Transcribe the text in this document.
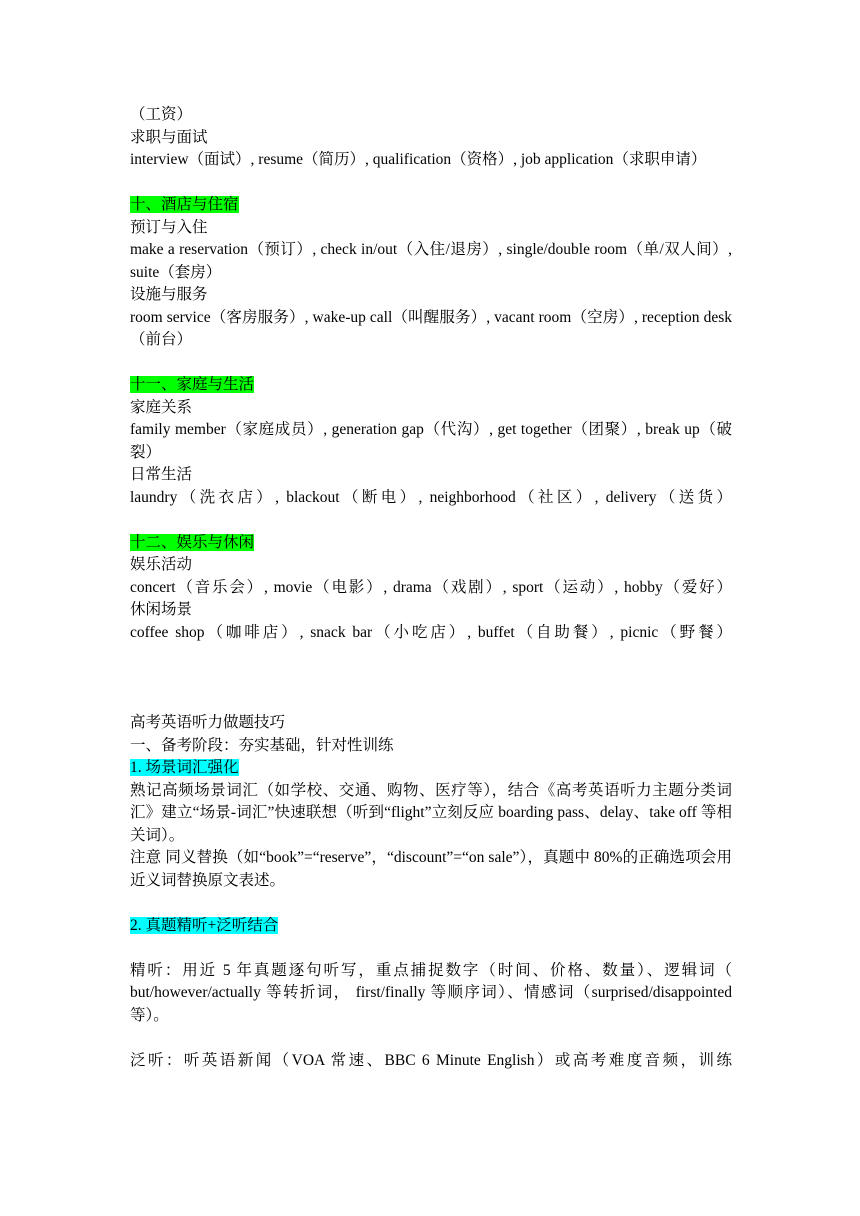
（工资）
求职与面试
interview（面试）, resume（简历）, qualification（资格）, job application（求职申请）
十、酒店与住宿
预订与入住
make a reservation（预订）, check in/out（入住/退房）, single/double room（单/双人间）, suite（套房）
设施与服务
room service（客房服务）, wake-up call（叫醒服务）, vacant room（空房）, reception desk（前台）
十一、家庭与生活
家庭关系
family member（家庭成员）, generation gap（代沟）, get together（团聚）, break up（破裂）
日常生活
laundry（洗衣店）, blackout（断电）, neighborhood（社区）, delivery（送货）
十二、娱乐与休闲
娱乐活动
concert（音乐会）, movie（电影）, drama（戏剧）, sport（运动）, hobby（爱好）
休闲场景
coffee shop（咖啡店）, snack bar（小吃店）, buffet（自助餐）, picnic（野餐）
高考英语听力做题技巧
一、备考阶段：夯实基础，针对性训练
1. 场景词汇强化
熟记高频场景词汇（如学校、交通、购物、医疗等），结合《高考英语听力主题分类词汇》建立“场景-词汇”快速联想（听到“flight”立刻反应 boarding pass、delay、take off 等相关词）。
注意 同义替换（如“book”=“reserve”，“discount”=“on sale”），真题中 80%的正确选项会用近义词替换原文表述。
2. 真题精听+泛听结合
精听：用近 5 年真题逐句听写，重点捕捉数字（时间、价格、数量）、逻辑词（ but/however/actually 等转折词， first/finally 等顺序词）、情感词（surprised/disappointed 等）。
泛听：听英语新闻（VOA 常速、BBC 6 Minute English）或高考难度音频，训练
